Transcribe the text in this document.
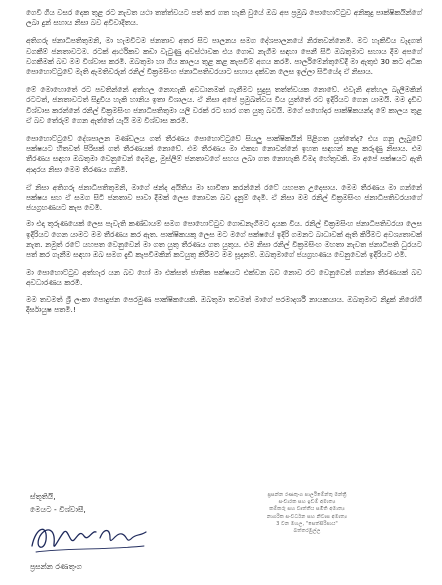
ගෙවී ගිය වසර දෙක තුළ රට නැවත යථා තත්ත්වයට පත් කර ගත හැකි වුයේ ඔබ අප ප්‍රමුඛ පොහොට්ටුව අනිකුදු පාක්ෂිකයින්ගේ ලබා දුන් සහාය නිසා බව අවිවාදිතය.

අතිගරු ජනාධිපතිතුමනි, මා හැමවිටම ජනතාව අතර සිට පාලනය සමග දේශපාලනයේ නිරතවන්නෙමි. මට හැකිවිය වැදගත් වගකීම් ජනතාවටම. රටක් ආර්ථිකව කඩා වැටුණු අවස්ථාවක එය ගොඩ නැගීම සඳහා පෙනී සිටි ඔබතුමාට සහාය දීම අපගේ වගකීමක් බව මම විශ්වාස කරමි. ඔබතුමා හා ගිය කාලය තුළ කළ කැපවීම් අගය කරමි. පාර්ලිමේන්තුවේදී මා ඇතුළු 30 කට අධික පොහොට්ටුවේ මැති ඇමතිවරුන් රනිල් වික්‍රමසිංහ ජනාධිපතිවරයාට සහාය දක්වන ලෙස ඉල්ලා සිටියේද ඒ නිසාය.

මේ මොහොතේ රට පවතින්නේ අත්හල නොහැකි අවධානමක් ගැනීමට සුදුසු තත්ත්වයක නොවේ. එවැනි අත්හල බැලීමකින් රටටත්, ජනතාවටත් සිදුවිය හැකි හානිය ඉතා විශාලය. ඒ නිසා අපේ ප්‍රමුඛත්වය විය යුත්තේ රට ඉදිරියට ගෙන යාමයි. මම දැඩිව විශ්වාස කරන්නේ රනිල් වික්‍රමසිංහ ජනාධිපතිතුමා යලි වරක් රට භාර ගත යුතු බවයි. මගේ සහෝදර පාක්ෂිකයන්ද මේ කාලය තුළ ඒ බව තේරුම් ගෙන ඇත්තේ යැයි මම විශ්වාස කරමි.

පොහොට්ටුවේ දේශපාලන මණ්ඩලය ගත් තීරණය පොහොට්ටුවේ සියලු පාක්ෂිකයින් පිළිගත යුත්තේද? එය ගනු ලැබුවේ පක්ෂයට හිතවත් පිරිසක් ගත් තීරණයක් නොවේ. එම තීරණය මා එකඟ නොවන්නේ ඉහත සඳහන් කළ කරුණු නිසාය. එම තීරණය සඳහා ඔබතුමා වෙනුවෙන් දෙමළ, මුස්ලිම් ජනතාවගේ සහය ලබා ගත නොහැකි වීමද හේතුවකි. මා අපේ පක්ෂයට ඇති ආදරය නිසා මෙම තීරණය ගනිමි.

ඒ නිසා අතිගරු ජනාධිපතිතුමනි, මාගේ ඡන්ද අයිතිය මා භාවිතා කරන්නේ රටේ යහපත උදෙසාය. මෙම තීරණය මා ගන්නේ පක්ෂය සහ ඒ සමග සිටි ජනතාව පාවා දීමක් ලෙස නොවන බව දැනුම් දෙමි. ඒ නිසා මම රනිල් වික්‍රමසිංහ ජනාධිපතිවරයාගේ ජයග්‍රහණයට කැප වෙමි.

මා එදා තුරුණයෙක් ලෙස පැවැති කණ්ඩායම් සමග පොහොට්ටුව ගොඩනැගීමට දායක විය. රනිල් වික්‍රමසිංහ ජනාධිපතිවරයා ලෙස ඉදිරියට ගෙන යාමට මම තීරණය කර ඇත. පාක්ෂිකයකු ලෙස මට මගේ පක්ෂයේ ඉදිරි ගමනට බාධාවක් ඇති කිරීමට අවශ්‍යතාවක් නැත. නමුත් රටේ යහපත වෙනුවෙන් මා ගත යුතු තීරණය ගත යුතුය. එම නිසා රනිල් වික්‍රමසිංහ මහතා නැවත ජනාධිපති ධුරයට පත් කර ගැනීම සඳහා ඔබ සමග දැඩි කැපවීමකින් කටයුතු කිරීමට මම සූදානම්. ඔබතුමාගේ ජයග්‍රහණය වෙනුවෙන් ඉදිරියට එමි.

මා පොහොට්ටුව අත්හැර යන බව හෝ මා එක්සත් ජාතික පක්ෂයට එක්වන බව නොව රට වෙනුවෙන් ගන්නා තීරණයක් බව අවධාරණය කරමි.

මම තවමත් ශ්‍රී ලංකා පොදුජන පෙරමුණ පාක්ෂිකයෙකි. ඔබතුමා තවමත් මාගේ පරමාදර්ශී නායකයාය. ඔබතුමාට නිදුක් නිරෝගී දීර්ඝායුෂ පතමි.!

ස්තූතියි,
මෙයට - විශ්වාසී,
ප්‍රසන්න රණතුංග
ප්‍රසන්න රණතුංග පාර්ලිමේන්තු මන්ත්‍රී
සංචාරක සහ ඉඩම් අමාත්‍ය
කම්කරු සහ වෘත්තීය සමිති අමාත්‍ය
නාගරික සංවර්ධන සහ නිවාස අමාත්‍ය
3 වන මහල, "සෙත්සිරිපාය"
බත්තරමුල්ල
